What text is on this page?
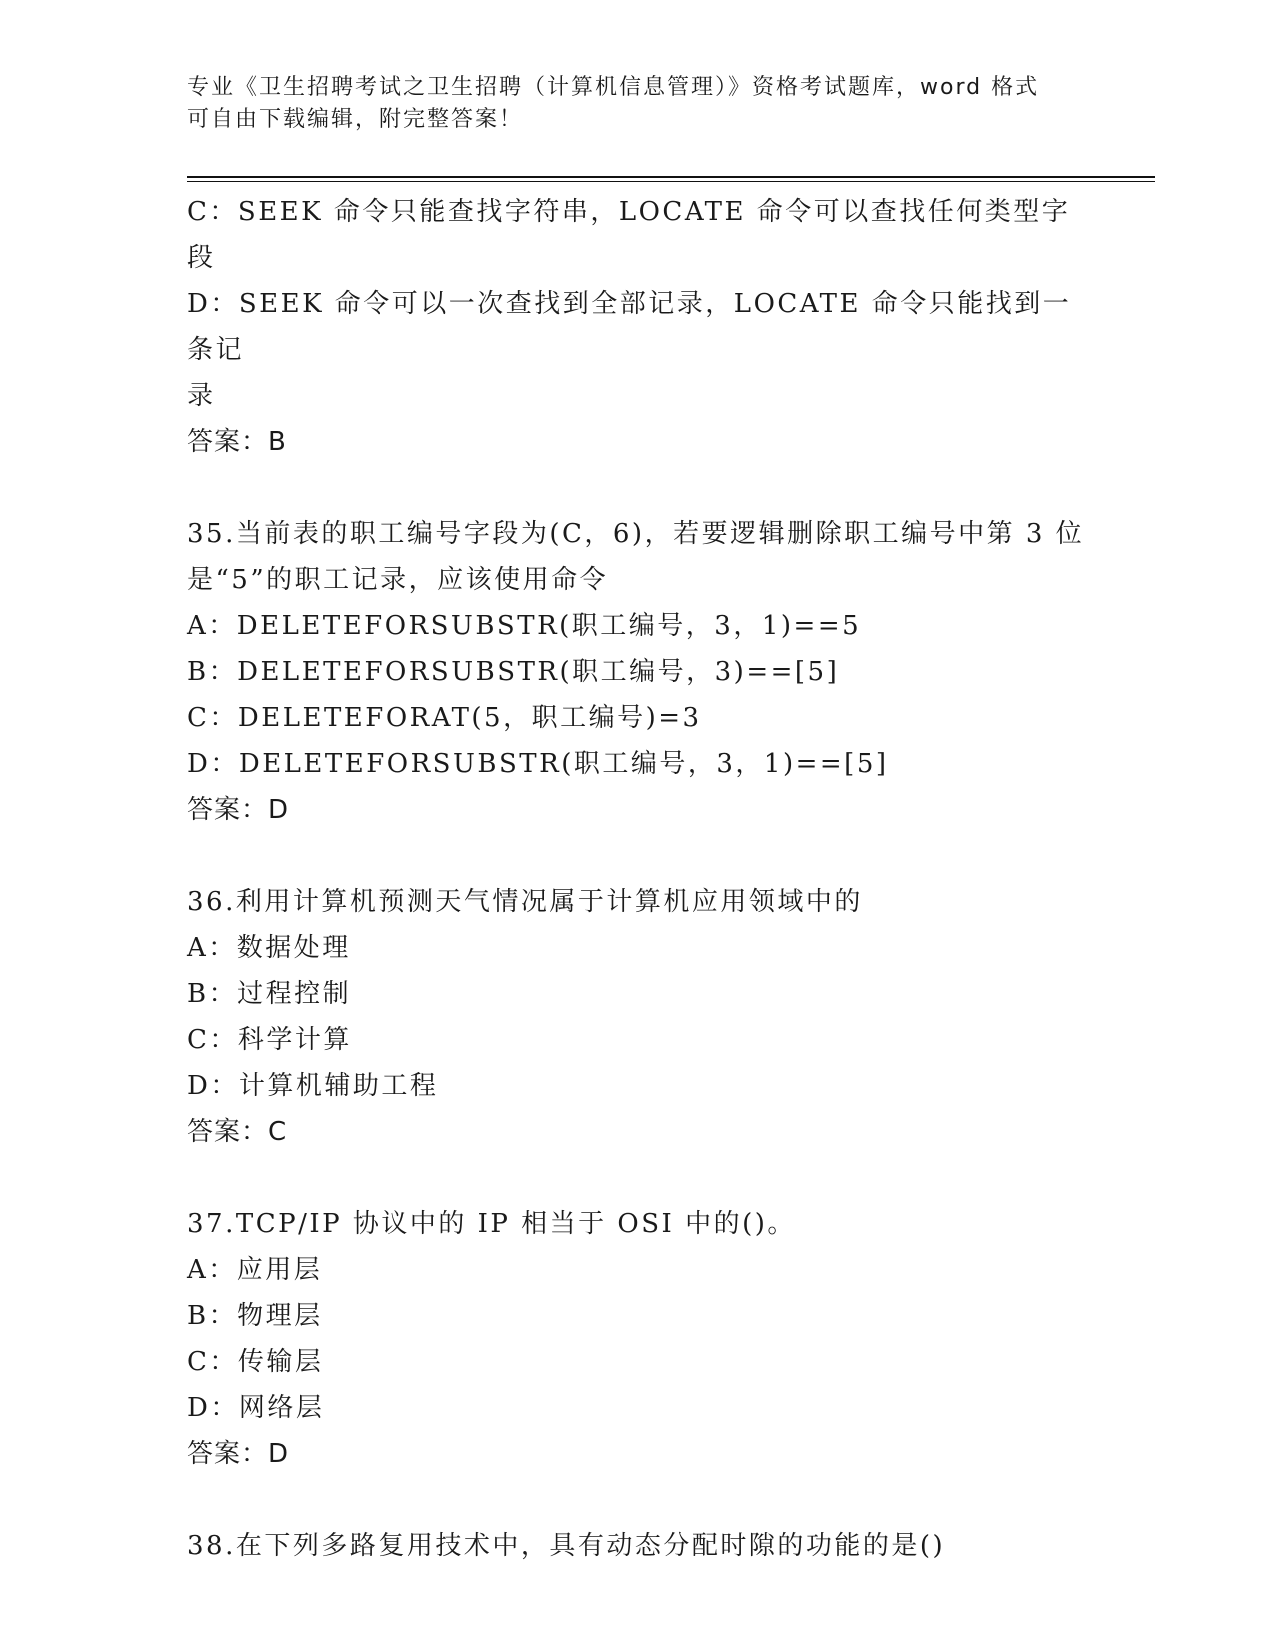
专业《卫生招聘考试之卫生招聘（计算机信息管理）》资格考试题库，word 格式
可自由下载编辑，附完整答案！
C：SEEK 命令只能查找字符串，LOCATE 命令可以查找任何类型字段
D：SEEK 命令可以一次查找到全部记录，LOCATE 命令只能找到一条记
录
答案：B
35.当前表的职工编号字段为(C，6)，若要逻辑删除职工编号中第 3 位
是“5”的职工记录，应该使用命令
A：DELETEFORSUBSTR(职工编号，3，1)==5
B：DELETEFORSUBSTR(职工编号，3)==[5]
C：DELETEFORAT(5，职工编号)=3
D：DELETEFORSUBSTR(职工编号，3，1)==[5]
答案：D
36.利用计算机预测天气情况属于计算机应用领域中的
A：数据处理
B：过程控制
C：科学计算
D：计算机辅助工程
答案：C
37.TCP/IP 协议中的 IP 相当于 OSI 中的()。
A：应用层
B：物理层
C：传输层
D：网络层
答案：D
38.在下列多路复用技术中，具有动态分配时隙的功能的是()
